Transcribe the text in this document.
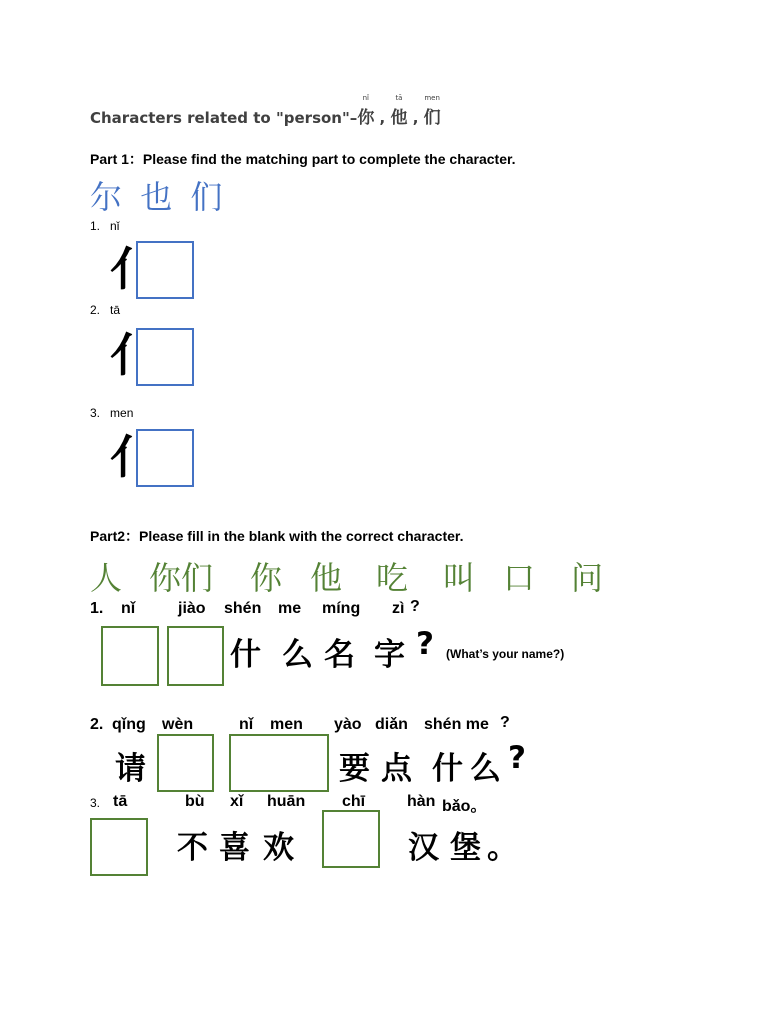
Characters related to "person"–
nǐ
你 ,
tā
他 ,
men
们
Part 1：Please find the matching part to complete the character.
尔 也 们
1. nǐ
亻
2. tā
亻
3. men
亻
Part2：Please fill in the blank with the correct character.
人 你们 你 他 吃 叫 口 问
1. nǐ	jiào shén me míng zì ?
什 么 名 字 ? (What’s your name?)
2. qǐng wèn	nǐ men yào diǎn shén me ?
请	要 点 什 么 ?
3. tā	bù xǐ huān chī	hàn bǎo。
不 喜 欢	汉 堡 。
